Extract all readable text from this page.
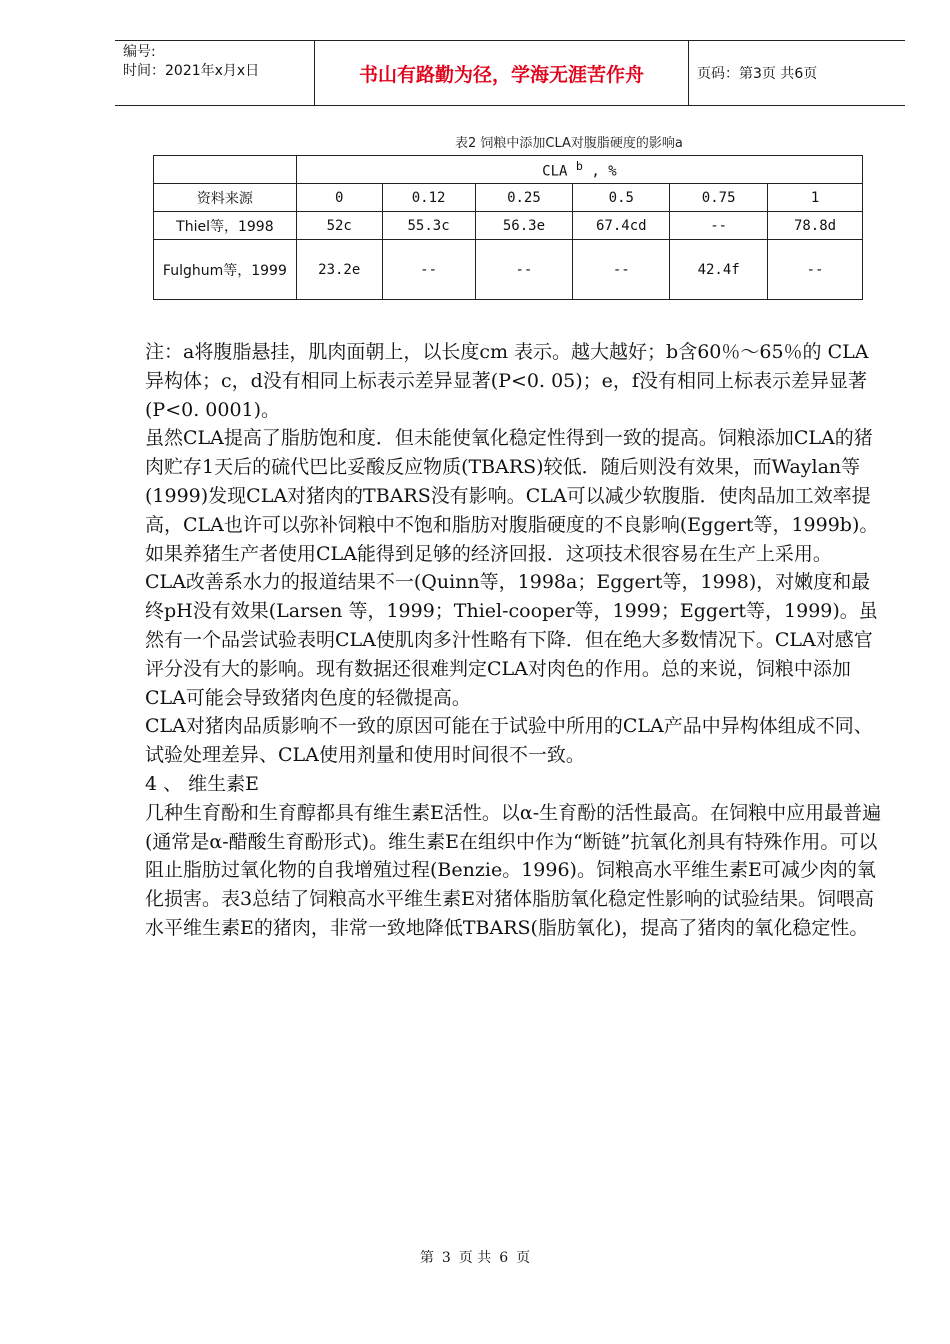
编号:
时间：2021年x月x日	书山有路勤为径，学海无涯苦作舟	页码：第3页 共6页
表2 饲粮中添加CLA对腹脂硬度的影响a
	CLA $^b$ , %					
资料来源	0	0.12	0.25	0.5	0.75	1
Thiel等，1998	52c	55.3c	56.3e	67.4cd	--	78.8d
Fulghum等，1999	23.2e	--	--	--	42.4f	--

注：a将腹脂悬挂，肌肉面朝上，以长度cm 表示。越大越好；b含60％～65％的 CLA 异构体；c，d没有相同上标表示差异显著(P<0. 05)；e，f没有相同上标表示差异显著(P<0. 0001)。

虽然CLA提高了脂肪饱和度．但未能使氧化稳定性得到一致的提高。饲粮添加CLA的猪肉贮存1天后的硫代巴比妥酸反应物质(TBARS)较低．随后则没有效果，而Waylan等(1999)发现CLA对猪肉的TBARS没有影响。CLA可以减少软腹脂．使肉品加工效率提高，CLA也许可以弥补饲粮中不饱和脂肪对腹脂硬度的不良影响(Eggert等，1999b)。如果养猪生产者使用CLA能得到足够的经济回报．这项技术很容易在生产上采用。

CLA改善系水力的报道结果不一(Quinn等，1998a；Eggert等，1998)，对嫩度和最终pH没有效果(Larsen 等，1999；Thiel-cooper等，1999；Eggert等，1999)。虽然有一个品尝试验表明CLA使肌肉多汁性略有下降．但在绝大多数情况下。CLA对感官评分没有大的影响。现有数据还很难判定CLA对肉色的作用。总的来说，饲粮中添加CLA可能会导致猪肉色度的轻微提高。

CLA对猪肉品质影响不一致的原因可能在于试验中所用的CLA产品中异构体组成不同、试验处理差异、CLA使用剂量和使用时间很不一致。

4 、 维生素E

几种生育酚和生育醇都具有维生素E活性。以α-生育酚的活性最高。在饲粮中应用最普遍(通常是α-醋酸生育酚形式)。维生素E在组织中作为“断链”抗氧化剂具有特殊作用。可以阻止脂肪过氧化物的自我增殖过程(Benzie。1996)。饲粮高水平维生素E可减少肉的氧化损害。表3总结了饲粮高水平维生素E对猪体脂肪氧化稳定性影响的试验结果。饲喂高水平维生素E的猪肉，非常一致地降低TBARS(脂肪氧化)，提高了猪肉的氧化稳定性。

第 3 页 共 6 页
